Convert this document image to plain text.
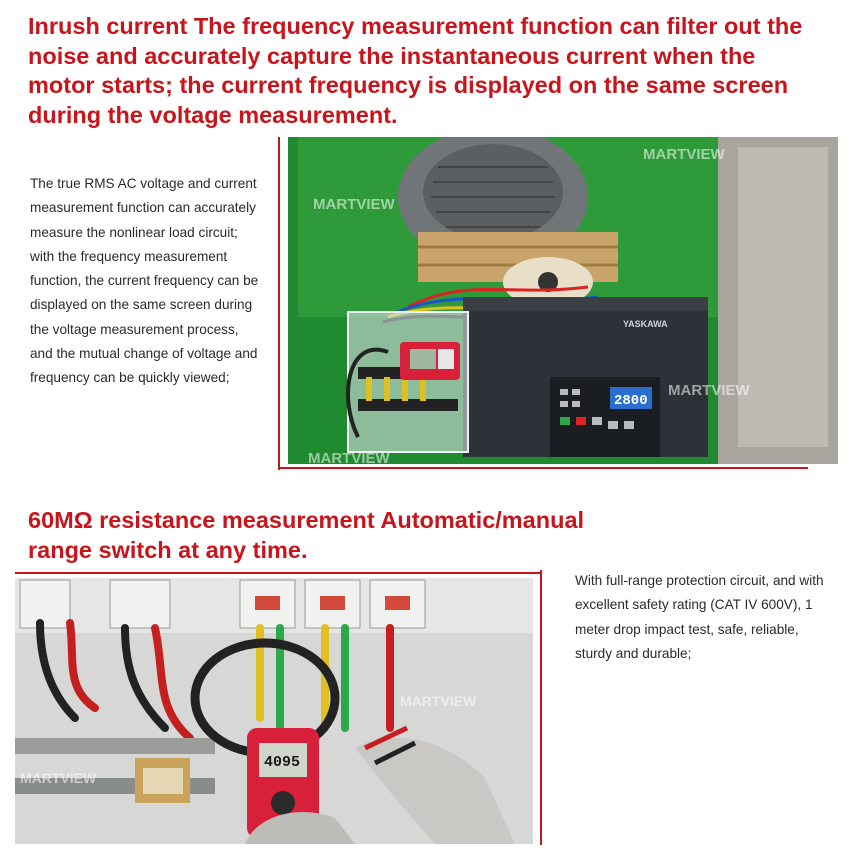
Inrush current The frequency measurement function can filter out the noise and accurately capture the instantaneous current when the motor starts; the current frequency is displayed on the same screen during the voltage measurement.
The true RMS AC voltage and current measurement function can accurately measure the nonlinear load circuit; with the frequency measurement function, the current frequency can be displayed on the same screen during the voltage measurement process, and the mutual change of voltage and frequency can be quickly viewed;
YASKAWA
2800
MARTVIEW
MARTVIEW
MARTVIEW
MARTVIEW
60MΩ resistance measurement Automatic/manual range switch at any time.
4095
MARTVIEW
MARTVIEW
With full-range protection circuit, and with excellent safety rating (CAT IV 600V), 1 meter drop impact test, safe, reliable, sturdy and durable;
